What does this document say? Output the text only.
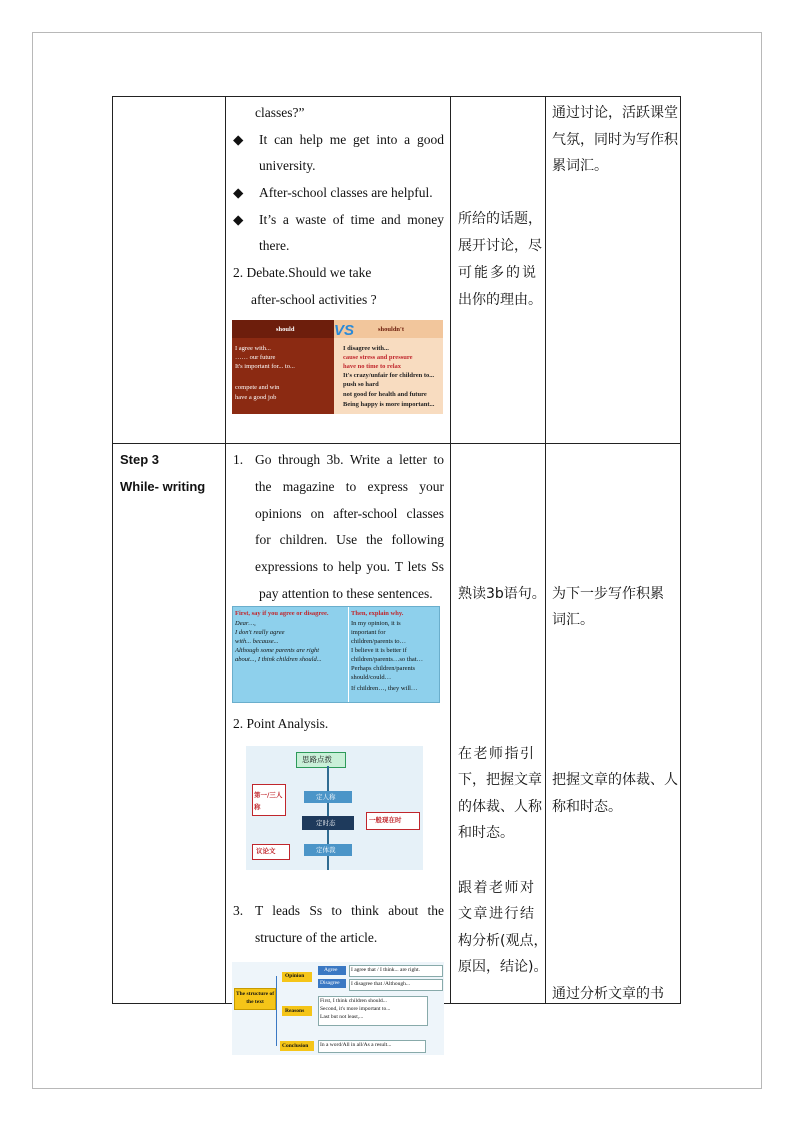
classes?”
◆ It can help me get into a good
university.
◆ After-school classes are helpful.
◆ It’s a waste of time and money
there.
2. Debate.Should we take
after-school activities ?
should	shouldn't
VS
I agree with...
…… our future
It's important for... to...
compete and win
have a good job
I disagree with...
cause stress and pressure
have no time to relax
It's crazy/unfair for children to...
push so hard
not good for health and future
Being happy is more important...
所给的话题，
展开讨论，尽
可能多的说
出你的理由。
通过讨论，活跃课堂
气氛，同时为写作积
累词汇。
Step 3
While- writing
1. Go through 3b. Write a letter to
the magazine to express your
opinions on after-school classes
for children. Use the following
expressions to help you. T lets Ss
pay attention to these sentences.
First, say if you agree or disagree.
Dear…,
I don't really agree
with... because...
Although some parents are right
about..., I think children should...
Then, explain why.
In my opinion, it is
important for
children/parents to…
I believe it is better if
children/parents…so that…
Perhaps children/parents
should/could…
If children…, they will…
2. Point Analysis.
思路点拨
定人称
定时态
定体裁
第一/三人称
一般现在时
议论文
3. T leads Ss to think about the
structure of the article.
The structure of the text
Opinion
Agree I agree that / I think... are right.
Disagree I disagree that /Although...
Reasons
First, I think children should...
Second, it's more important to...
Last but not least,...
Conclusion In a word/All in all/As a result...
熟读3b语句。
在老师指引
下，把握文章
的体裁、人称
和时态。
跟着老师对
文章进行结
构分析(观点，
原因，结论)。
为下一步写作积累
词汇。
把握文章的体裁、人
称和时态。
通过分析文章的书
